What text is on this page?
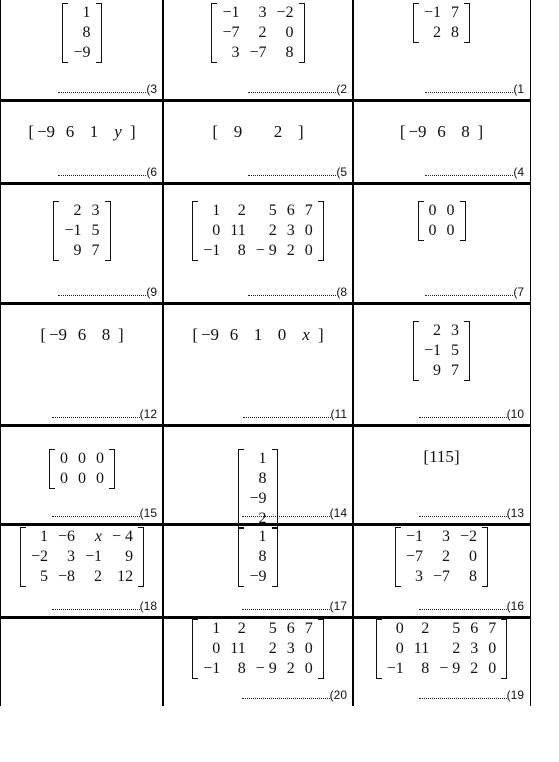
1
8
−9
(3
−1	3	−2
−7	2	0
3	−7	8
(2
−1	7
2	8
(1
[ −9 6 1 y ]
(6
[ 9 2 ]
(5
[ −9 6 8 ]
(4
2	3
−1	5
9	7
(9
1	2	5	6	7
0	11	2	3	0
−1	8	− 9	2	0
(8
0	0
0	0
(7
[ −9 6 8 ]
(12
[ −9 6 1 0 x ]
(11
2	3
−1	5
9	7
(10
0	0	0
0	0	0
(15
1
8
−9
2	(14
[115]
(13
1	−6	x	− 4
−2	3	−1	9
5	−8	2	12
(18
1
8
−9
(17
−1	3	−2
−7	2	0
3	−7	8
(16
1	2	5	6	7
0	11	2	3	0
−1	8	− 9	2	0
(20
0	2	5	6	7
0	11	2	3	0
−1	8	− 9	2	0
(19
